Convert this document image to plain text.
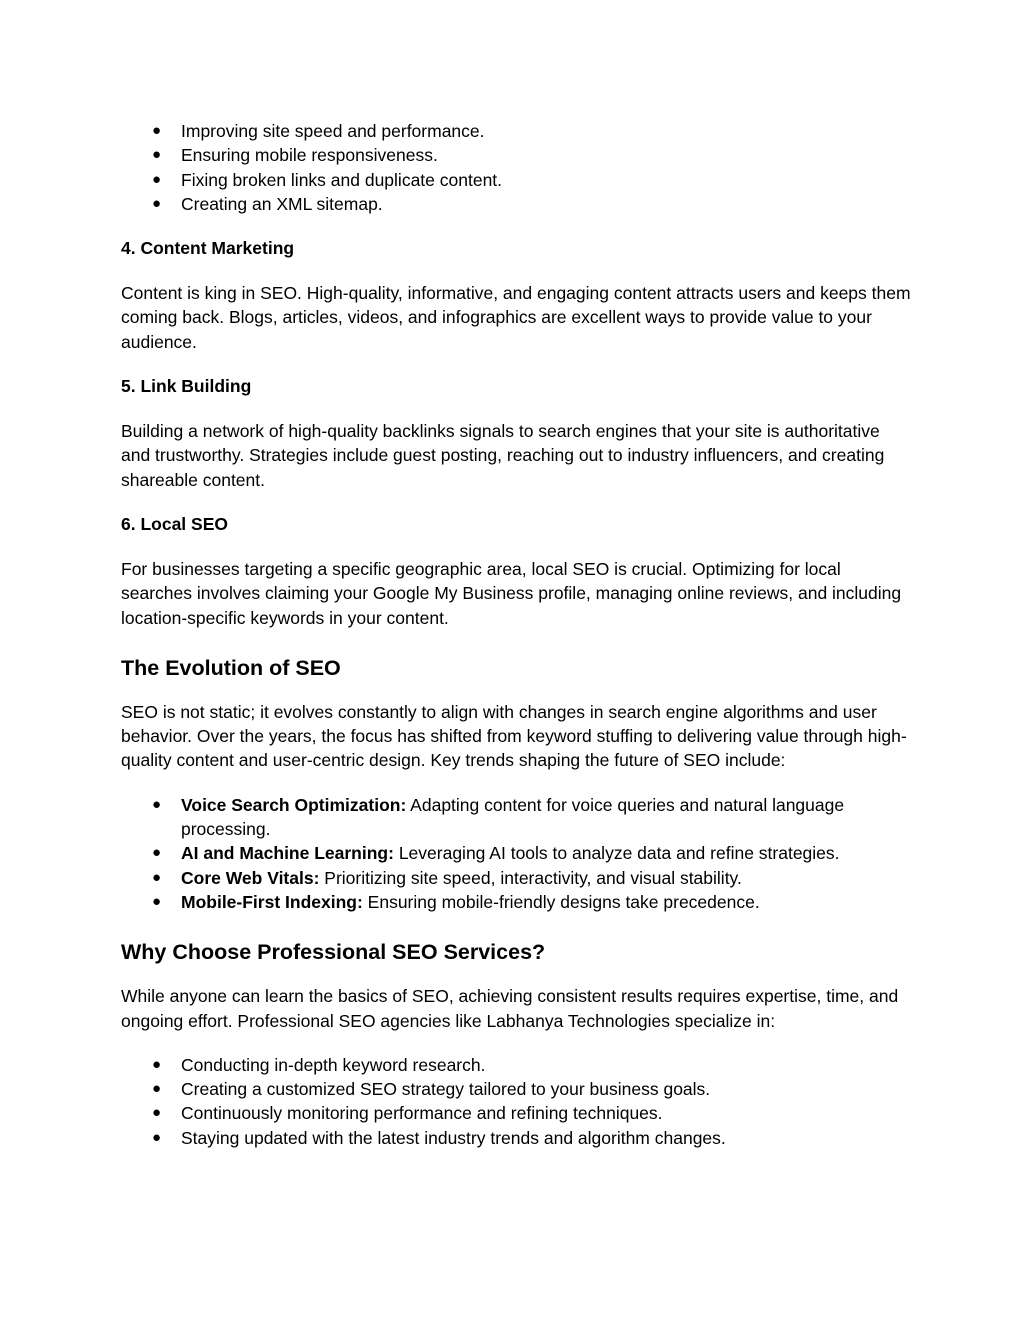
● Improving site speed and performance.
● Ensuring mobile responsiveness.
● Fixing broken links and duplicate content.
● Creating an XML sitemap.
4. Content Marketing

Content is king in SEO. High-quality, informative, and engaging content attracts users and keeps them coming back. Blogs, articles, videos, and infographics are excellent ways to provide value to your audience.

5. Link Building

Building a network of high-quality backlinks signals to search engines that your site is authoritative and trustworthy. Strategies include guest posting, reaching out to industry influencers, and creating shareable content.

6. Local SEO

For businesses targeting a specific geographic area, local SEO is crucial. Optimizing for local searches involves claiming your Google My Business profile, managing online reviews, and including location-specific keywords in your content.

The Evolution of SEO

SEO is not static; it evolves constantly to align with changes in search engine algorithms and user behavior. Over the years, the focus has shifted from keyword stuffing to delivering value through high-quality content and user-centric design. Key trends shaping the future of SEO include:

● Voice Search Optimization: Adapting content for voice queries and natural language processing.
● AI and Machine Learning: Leveraging AI tools to analyze data and refine strategies.
● Core Web Vitals: Prioritizing site speed, interactivity, and visual stability.
● Mobile-First Indexing: Ensuring mobile-friendly designs take precedence.
Why Choose Professional SEO Services?

While anyone can learn the basics of SEO, achieving consistent results requires expertise, time, and ongoing effort. Professional SEO agencies like Labhanya Technologies specialize in:

● Conducting in-depth keyword research.
● Creating a customized SEO strategy tailored to your business goals.
● Continuously monitoring performance and refining techniques.
● Staying updated with the latest industry trends and algorithm changes.
